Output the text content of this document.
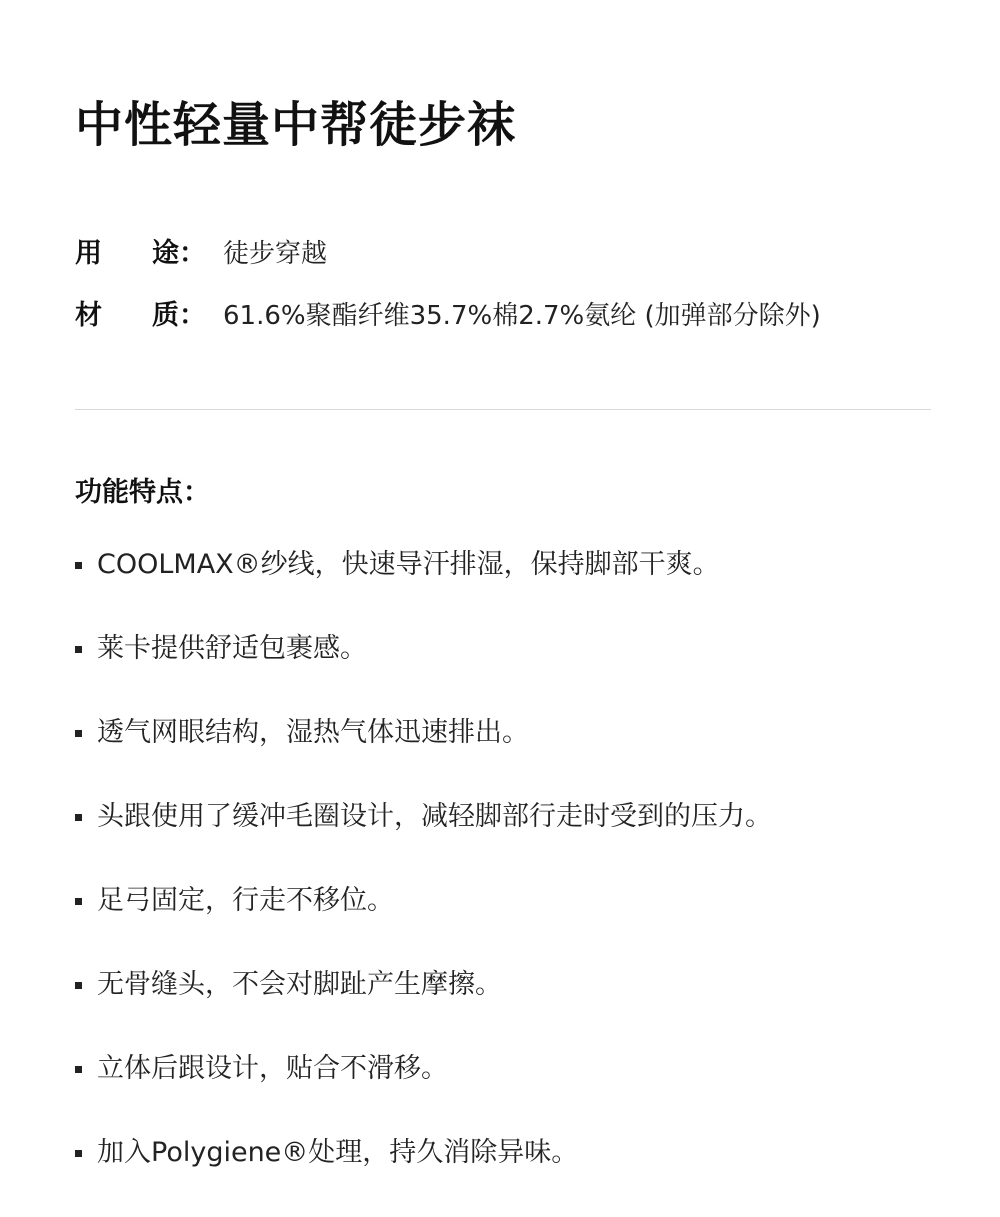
中性轻量中帮徒步袜
用 途： 徒步穿越
材 质： 61.6%聚酯纤维35.7%棉2.7%氨纶 (加弹部分除外)
功能特点：
COOLMAX®纱线，快速导汗排湿，保持脚部干爽。
莱卡提供舒适包裹感。
透气网眼结构，湿热气体迅速排出。
头跟使用了缓冲毛圈设计，减轻脚部行走时受到的压力。
足弓固定，行走不移位。
无骨缝头，不会对脚趾产生摩擦。
立体后跟设计，贴合不滑移。
加入Polygiene®处理，持久消除异味。
